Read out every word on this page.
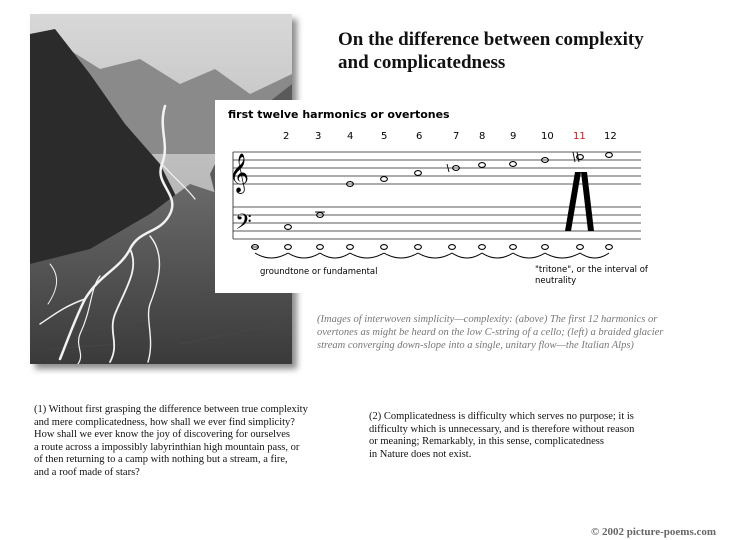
On the difference between complexity
and complicatedness
𝄞
𝄢
first twelve harmonics or overtones
2	3	4	5	6	7 8 9 10 11 12
groundtone or fundamental	"tritone", or the interval of
neutrality
(Images of interwoven simplicity—complexity: (above) The first 12 harmonics or
overtones as might be heard on the low C-string of a cello; (left) a braided glacier
stream converging down-slope into a single, unitary flow—the Italian Alps)
(1) Without first grasping the difference between true complexity
and mere complicatedness, how shall we ever find simplicity?
How shall we ever know the joy of discovering for ourselves
a route across a impossibly labyrinthian high mountain pass, or
of then returning to a camp with nothing but a stream, a fire,
and a roof made of stars?
(2) Complicatedness is difficulty which serves no purpose; it is
difficulty which is unnecessary, and is therefore without reason
or meaning; Remarkably, in this sense, complicatedness
in Nature does not exist.
© 2002 picture-poems.com
